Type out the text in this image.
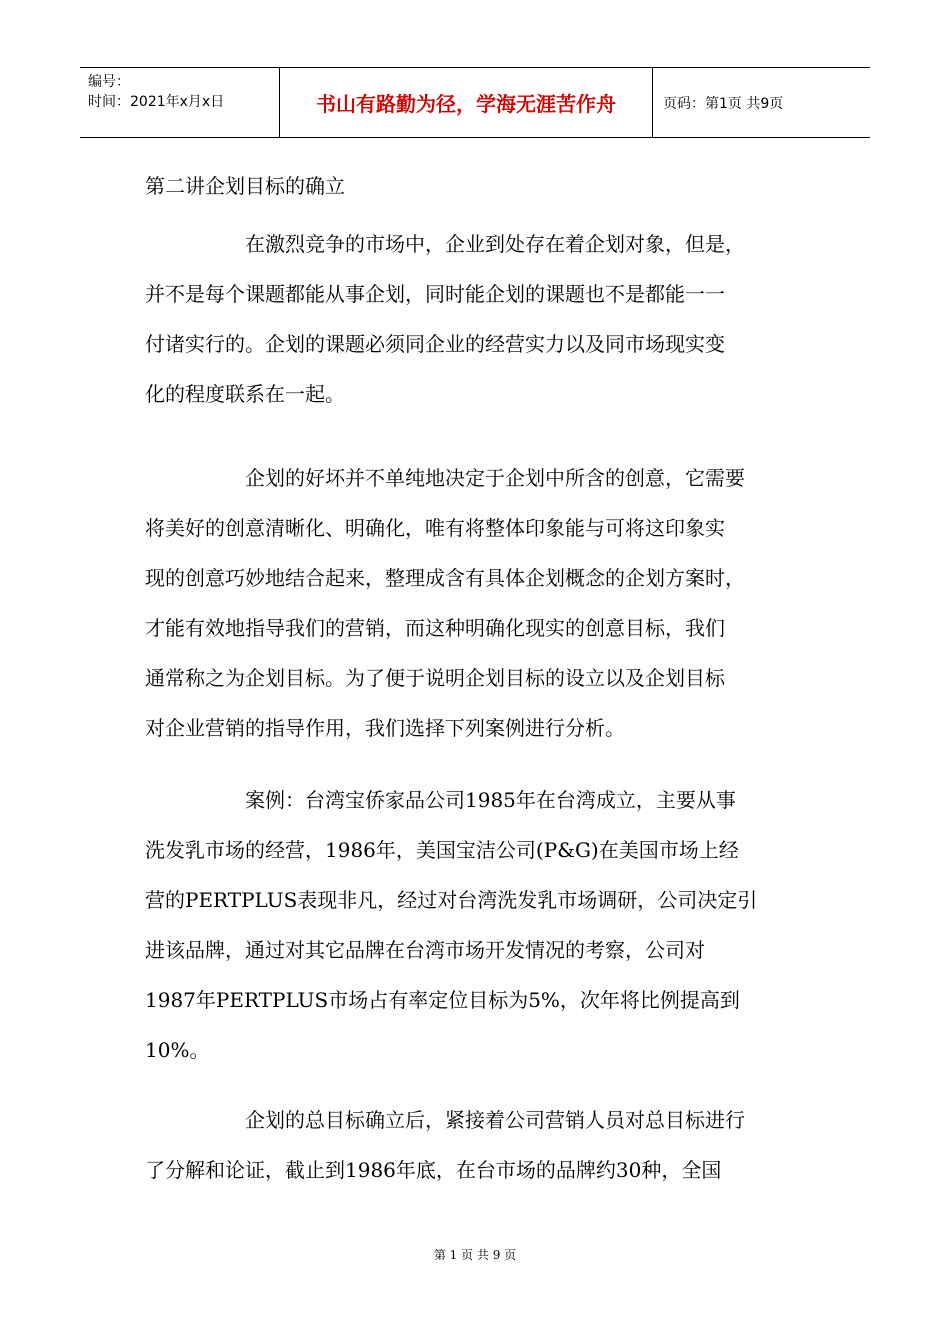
编号：
时间：2021年x月x日	书山有路勤为径，学海无涯苦作舟	页码：第1页 共9页
第二讲企划目标的确立

在激烈竞争的市场中，企业到处存在着企划对象，但是，
并不是每个课题都能从事企划，同时能企划的课题也不是都能一一
付诸实行的。企划的课题必须同企业的经营实力以及同市场现实变
化的程度联系在一起。

企划的好坏并不单纯地决定于企划中所含的创意，它需要
将美好的创意清晰化、明确化，唯有将整体印象能与可将这印象实
现的创意巧妙地结合起来，整理成含有具体企划概念的企划方案时，
才能有效地指导我们的营销，而这种明确化现实的创意目标，我们
通常称之为企划目标。为了便于说明企划目标的设立以及企划目标
对企业营销的指导作用，我们选择下列案例进行分析。

案例：台湾宝侨家品公司1985年在台湾成立，主要从事
洗发乳市场的经营，1986年，美国宝洁公司(P&G)在美国市场上经
营的PERTPLUS表现非凡，经过对台湾洗发乳市场调研，公司决定引
进该品牌，通过对其它品牌在台湾市场开发情况的考察，公司对
1987年PERTPLUS市场占有率定位目标为5%，次年将比例提高到
10%。

企划的总目标确立后，紧接着公司营销人员对总目标进行
了分解和论证，截止到1986年底，在台市场的品牌约30种，全国

第 1 页 共 9 页
